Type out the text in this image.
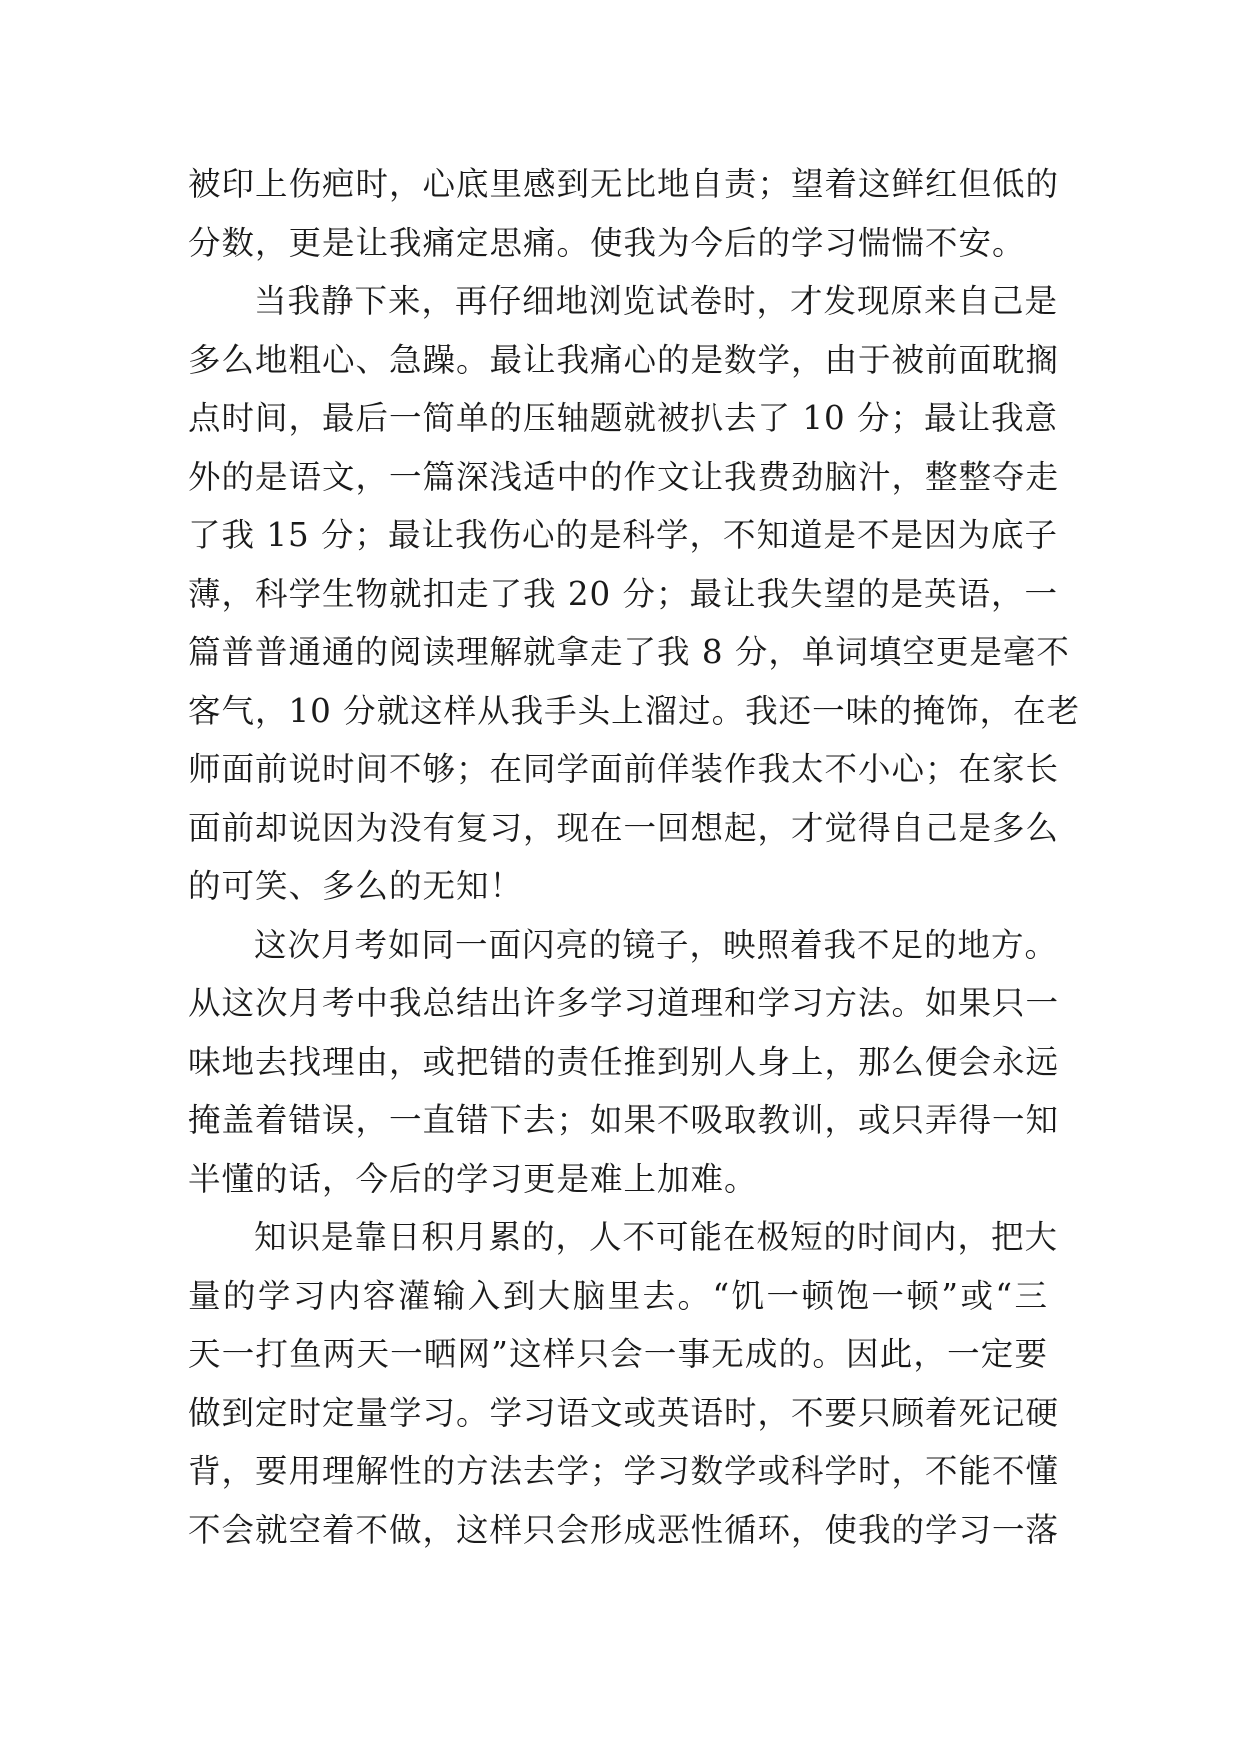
被印上伤疤时，心底里感到无比地自责；望着这鲜红但低的
分数，更是让我痛定思痛。使我为今后的学习惴惴不安。
当我静下来，再仔细地浏览试卷时，才发现原来自己是
多么地粗心、急躁。最让我痛心的是数学，由于被前面耽搁
点时间，最后一简单的压轴题就被扒去了 10 分；最让我意
外的是语文，一篇深浅适中的作文让我费劲脑汁，整整夺走
了我 15 分；最让我伤心的是科学，不知道是不是因为底子
薄，科学生物就扣走了我 20 分；最让我失望的是英语，一
篇普普通通的阅读理解就拿走了我 8 分，单词填空更是毫不
客气，10 分就这样从我手头上溜过。我还一味的掩饰，在老
师面前说时间不够；在同学面前佯装作我太不小心；在家长
面前却说因为没有复习，现在一回想起，才觉得自己是多么
的可笑、多么的无知！
这次月考如同一面闪亮的镜子，映照着我不足的地方。
从这次月考中我总结出许多学习道理和学习方法。如果只一
味地去找理由，或把错的责任推到别人身上，那么便会永远
掩盖着错误，一直错下去；如果不吸取教训，或只弄得一知
半懂的话，今后的学习更是难上加难。
知识是靠日积月累的，人不可能在极短的时间内，把大
量的学习内容灌输入到大脑里去。“饥一顿饱一顿”或“三
天一打鱼两天一晒网”这样只会一事无成的。因此，一定要
做到定时定量学习。学习语文或英语时，不要只顾着死记硬
背，要用理解性的方法去学；学习数学或科学时，不能不懂
不会就空着不做，这样只会形成恶性循环，使我的学习一落
